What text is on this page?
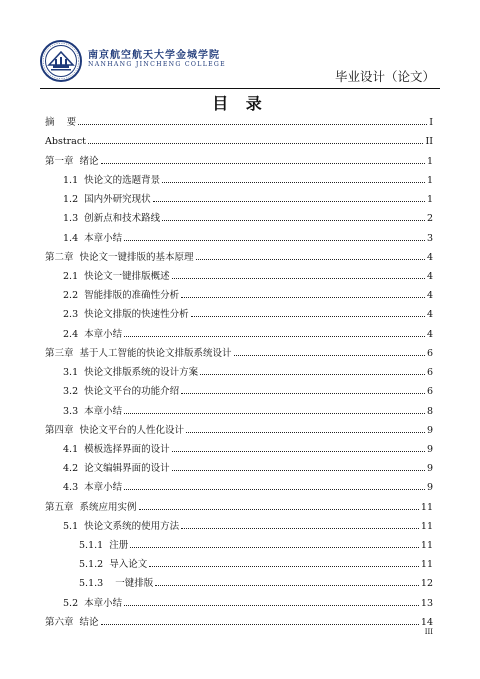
南京航空航天大学金城学院
NANHANG JINCHENG COLLEGE
毕业设计（论文）
目 录
摘    要	I
Abstract	II
第一章  绪论	1
1.1  快论文的选题背景	1
1.2  国内外研究现状	1
1.3  创新点和技术路线	2
1.4  本章小结	3
第二章  快论文一键排版的基本原理	4
2.1  快论文一键排版概述	4
2.2  智能排版的准确性分析	4
2.3  快论文排版的快速性分析	4
2.4  本章小结	4
第三章  基于人工智能的快论文排版系统设计	6
3.1  快论文排版系统的设计方案	6
3.2  快论文平台的功能介绍	6
3.3  本章小结	8
第四章  快论文平台的人性化设计	9
4.1  模板选择界面的设计	9
4.2  论文编辑界面的设计	9
4.3  本章小结	9
第五章  系统应用实例	11
5.1  快论文系统的使用方法	11
5.1.1  注册	11
5.1.2  导入论文	11
5.1.3    一键排版	12
5.2  本章小结	13
第六章  结论	14
III
